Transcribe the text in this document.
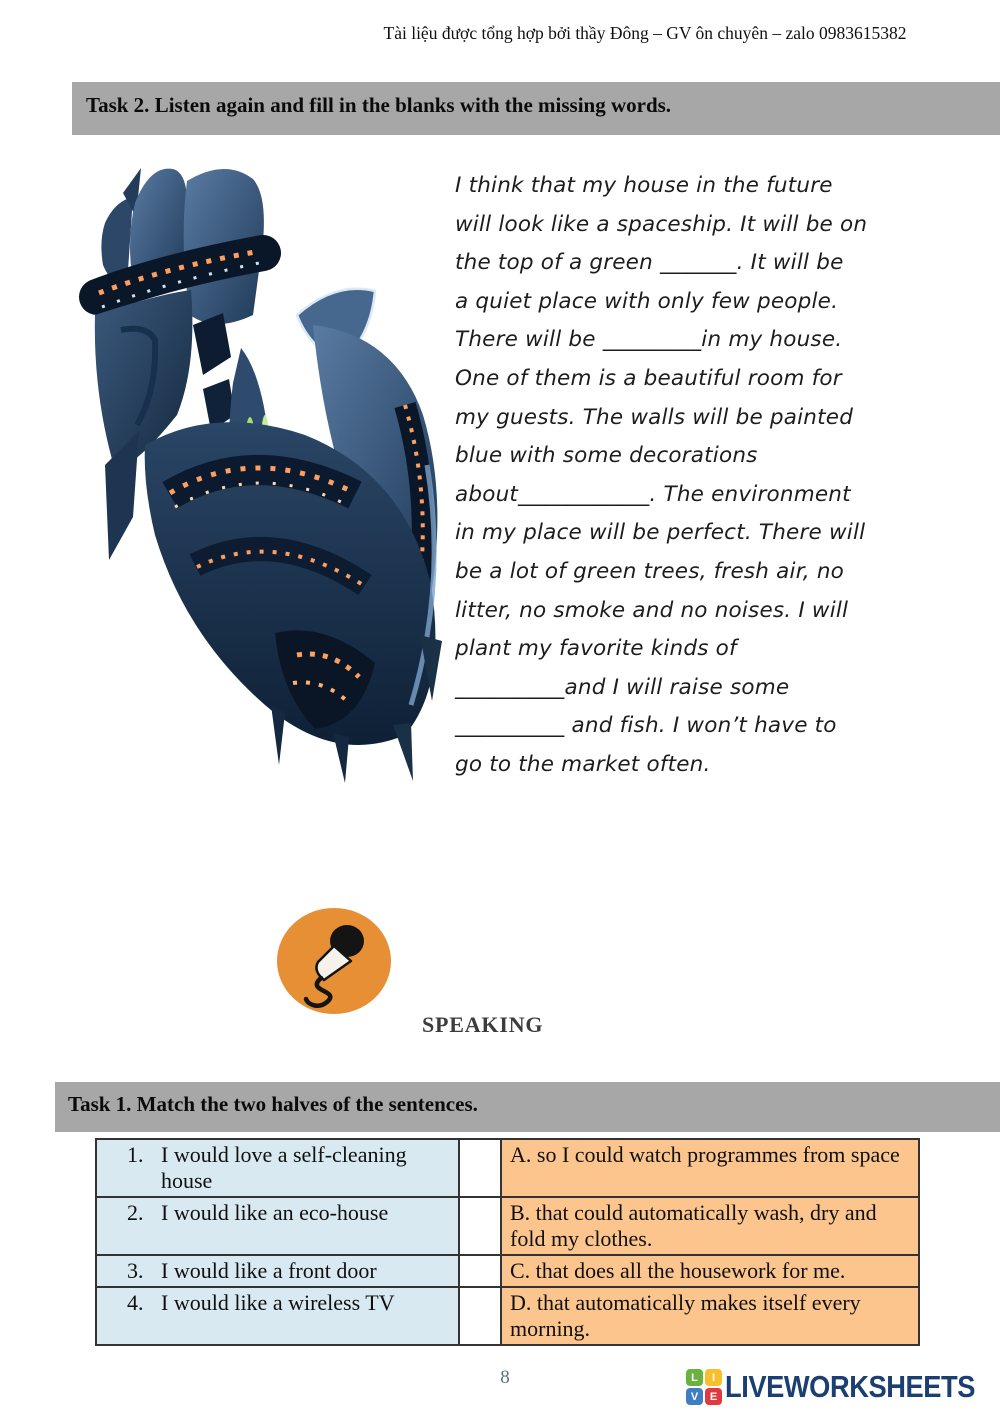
Tài liệu được tổng hợp bởi thầy Đông – GV ôn chuyên – zalo 0983615382
Task 2. Listen again and fill in the blanks with the missing words.
I think that my house in the future
will look like a spaceship. It will be on
the top of a green _______. It will be
a quiet place with only few people.
There will be _________in my house.
One of them is a beautiful room for
my guests. The walls will be painted
blue with some decorations
about____________. The environment
in my place will be perfect. There will
be a lot of green trees, fresh air, no
litter, no smoke and no noises. I will
plant my favorite kinds of
__________and I will raise some
__________ and fish. I won’t have to
go to the market often.
SPEAKING
Task 1. Match the two halves of the sentences.
1. I would love a self-cleaning house		A. so I could watch programmes from space

2. I would like an eco-house		B. that could automatically wash, dry and fold my clothes.

3. I would like a front door		C. that does all the housework for me.

4. I would like a wireless TV		D. that automatically makes itself every morning.
8	L	I
V	E LIVEWORKSHEETS
